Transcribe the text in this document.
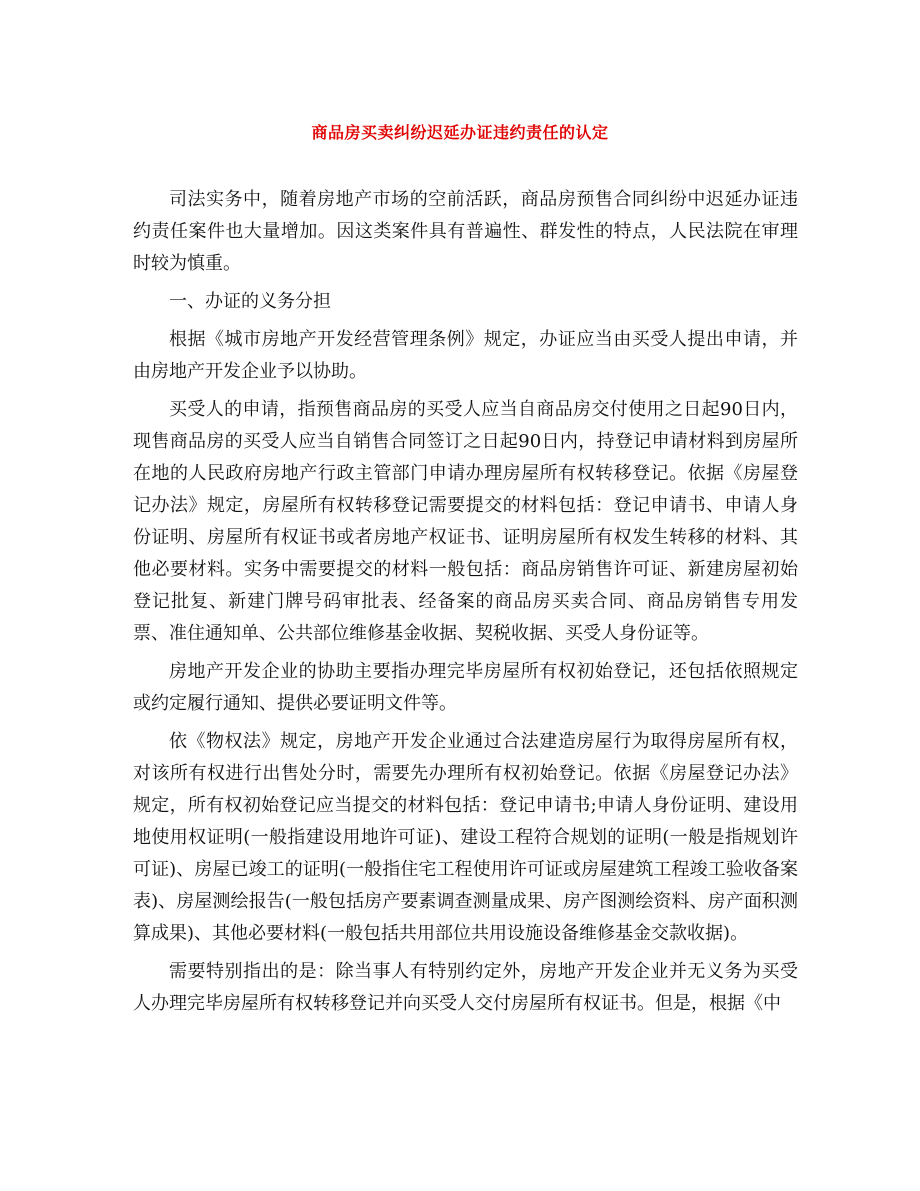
商品房买卖纠纷迟延办证违约责任的认定

司法实务中，随着房地产市场的空前活跃，商品房预售合同纠纷中迟延办证违约责任案件也大量增加。因这类案件具有普遍性、群发性的特点，人民法院在审理时较为慎重。

一、办证的义务分担

根据《城市房地产开发经营管理条例》规定，办证应当由买受人提出申请，并由房地产开发企业予以协助。

买受人的申请，指预售商品房的买受人应当自商品房交付使用之日起90日内，现售商品房的买受人应当自销售合同签订之日起90日内，持登记申请材料到房屋所在地的人民政府房地产行政主管部门申请办理房屋所有权转移登记。依据《房屋登记办法》规定，房屋所有权转移登记需要提交的材料包括：登记申请书、申请人身份证明、房屋所有权证书或者房地产权证书、证明房屋所有权发生转移的材料、其他必要材料。实务中需要提交的材料一般包括：商品房销售许可证、新建房屋初始登记批复、新建门牌号码审批表、经备案的商品房买卖合同、商品房销售专用发票、准住通知单、公共部位维修基金收据、契税收据、买受人身份证等。

房地产开发企业的协助主要指办理完毕房屋所有权初始登记，还包括依照规定或约定履行通知、提供必要证明文件等。

依《物权法》规定，房地产开发企业通过合法建造房屋行为取得房屋所有权，对该所有权进行出售处分时，需要先办理所有权初始登记。依据《房屋登记办法》规定，所有权初始登记应当提交的材料包括：登记申请书;申请人身份证明、建设用地使用权证明(一般指建设用地许可证)、建设工程符合规划的证明(一般是指规划许可证)、房屋已竣工的证明(一般指住宅工程使用许可证或房屋建筑工程竣工验收备案表)、房屋测绘报告(一般包括房产要素调查测量成果、房产图测绘资料、房产面积测算成果)、其他必要材料(一般包括共用部位共用设施设备维修基金交款收据)。

需要特别指出的是：除当事人有特别约定外，房地产开发企业并无义务为买受人办理完毕房屋所有权转移登记并向买受人交付房屋所有权证书。但是，根据《中
